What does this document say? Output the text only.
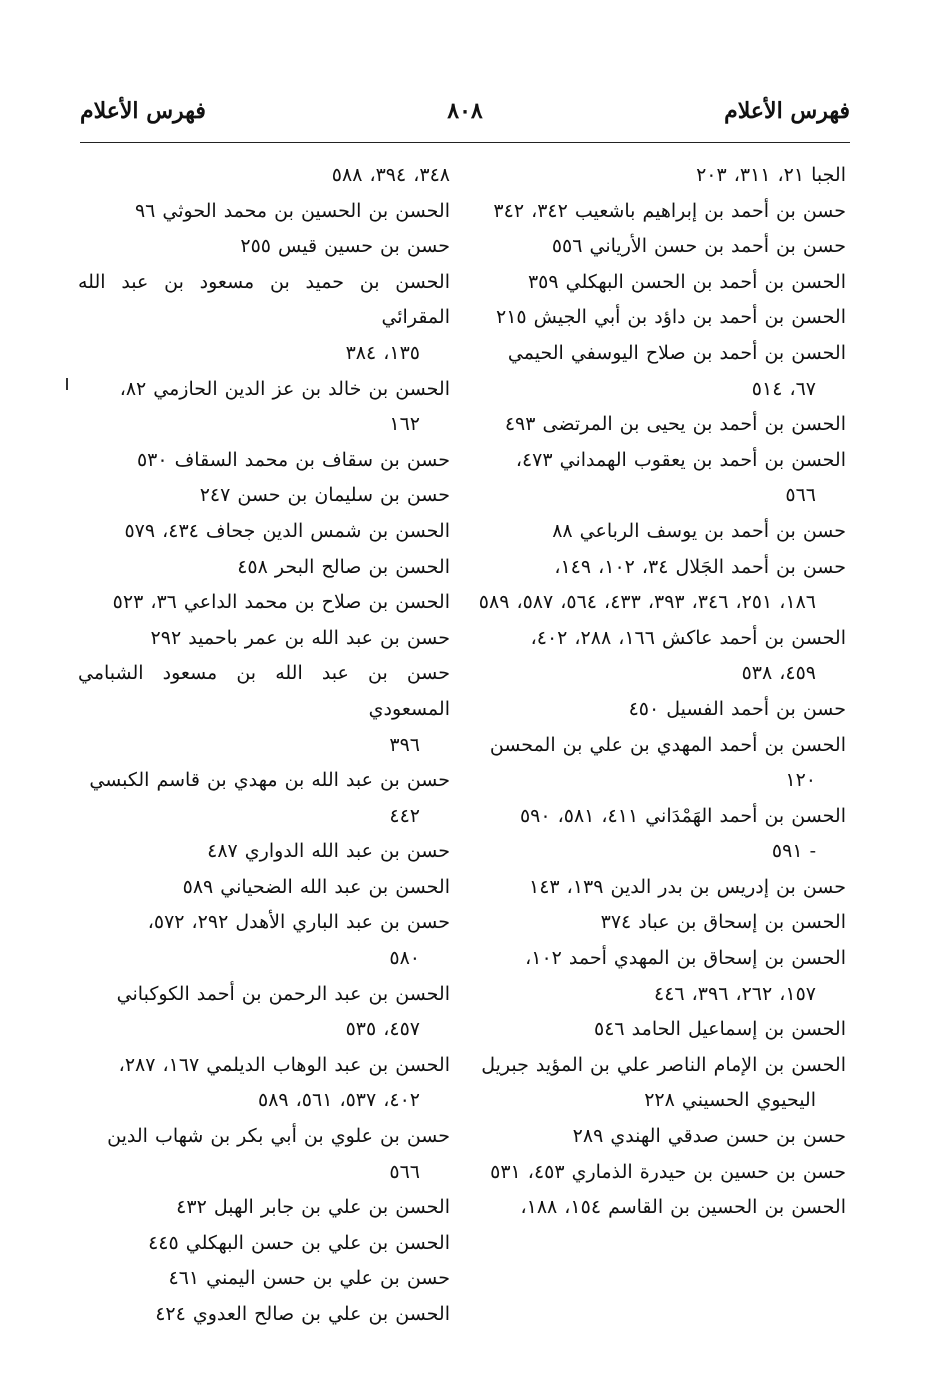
فهرس الأعلام
٨٠٨
فهرس الأعلام
الجبا ٢١، ٣١١، ٢٠٣
حسن بن أحمد بن إبراهيم باشعيب ٣٤٢، ٣٤٢
حسن بن أحمد بن حسن الأرياني ٥٥٦
الحسن بن أحمد بن الحسن البهكلي ٣٥٩
الحسن بن أحمد بن داؤد بن أبي الجيش ٢١٥
الحسن بن أحمد بن صلاح اليوسفي الحيمي
٦٧، ٥١٤
الحسن بن أحمد بن يحيى بن المرتضى ٤٩٣
الحسن بن أحمد بن يعقوب الهمداني ٤٧٣،
٥٦٦
حسن بن أحمد بن يوسف الرباعي ٨٨
حسن بن أحمد الجَلال ٣٤، ١٠٢، ١٤٩،
١٨٦، ٢٥١، ٣٤٦، ٣٩٣، ٤٣٣، ٥٦٤، ٥٨٧، ٥٨٩
الحسن بن أحمد عاكش ١٦٦، ٢٨٨، ٤٠٢،
٤٥٩، ٥٣٨
حسن بن أحمد الفسيل ٤٥٠
الحسن بن أحمد المهدي بن علي بن المحسن
١٢٠
الحسن بن أحمد الهَمْدَاني ٤١١، ٥٨١، ٥٩٠
- ٥٩١
حسن بن إدريس بن بدر الدين ١٣٩، ١٤٣
الحسن بن إسحاق بن عباد ٣٧٤
الحسن بن إسحاق بن المهدي أحمد ١٠٢،
١٥٧، ٢٦٢، ٣٩٦، ٤٤٦
الحسن بن إسماعيل الحامد ٥٤٦
الحسن بن الإمام الناصر علي بن المؤيد جبريل
اليحيوي الحسيني ٢٢٨
حسن بن حسن صدقي الهندي ٢٨٩
حسن بن حسين بن حيدرة الذماري ٤٥٣، ٥٣١
الحسن بن الحسين بن القاسم ١٥٤، ١٨٨،
٣٤٨، ٣٩٤، ٥٨٨
الحسن بن الحسين بن محمد الحوثي ٩٦
حسن بن حسين قيس ٢٥٥
الحسن بن حميد بن مسعود بن عبد الله المقرائي
١٣٥، ٣٨٤
الحسن بن خالد بن عز الدين الحازمي ٨٢،
١٦٢
حسن بن سقاف بن محمد السقاف ٥٣٠
حسن بن سليمان بن حسن ٢٤٧
الحسن بن شمس الدين جحاف ٤٣٤، ٥٧٩
الحسن بن صالح البحر ٤٥٨
الحسن بن صلاح بن محمد الداعي ٣٦، ٥٢٣
حسن بن عبد الله بن عمر باحميد ٢٩٢
حسن بن عبد الله بن مسعود الشبامي المسعودي
٣٩٦
حسن بن عبد الله بن مهدي بن قاسم الكبسي
٤٤٢
حسن بن عبد الله الدواري ٤٨٧
الحسن بن عبد الله الضحياني ٥٨٩
حسن بن عبد الباري الأهدل ٢٩٢، ٥٧٢،
٥٨٠
الحسن بن عبد الرحمن بن أحمد الكوكباني
٤٥٧، ٥٣٥
الحسن بن عبد الوهاب الديلمي ١٦٧، ٢٨٧،
٤٠٢، ٥٣٧، ٥٦١، ٥٨٩
حسن بن علوي بن أبي بكر بن شهاب الدين
٥٦٦
الحسن بن علي بن جابر الهبل ٤٣٢
الحسن بن علي بن حسن البهكلي ٤٤٥
حسن بن علي بن حسن اليمني ٤٦١
الحسن بن علي بن صالح العدوي ٤٢٤
